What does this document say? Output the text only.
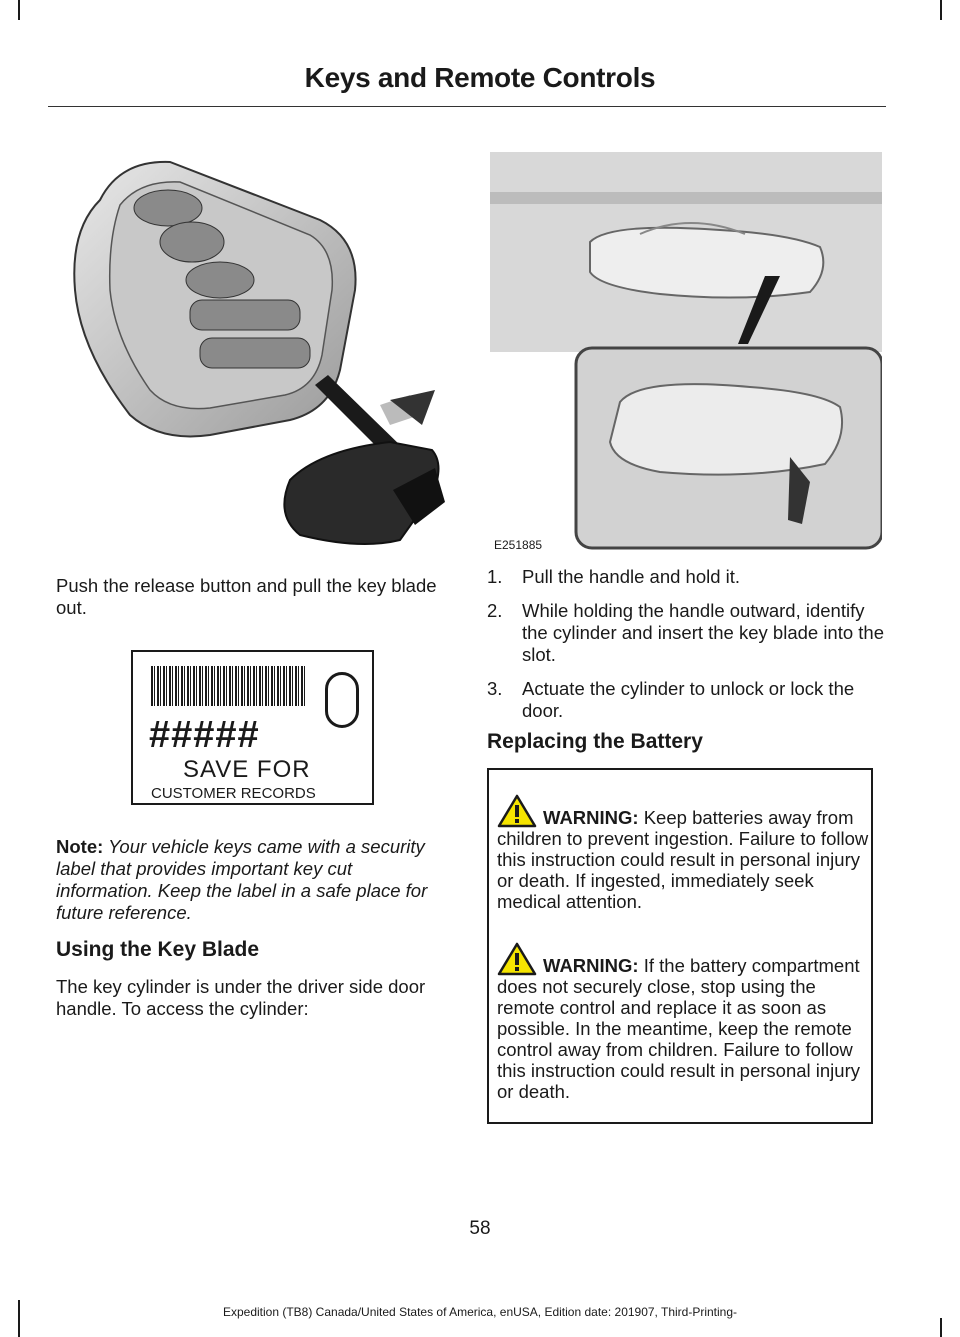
Keys and Remote Controls
E251885
Push the release button and pull the key blade out.
#####
SAVE FOR
CUSTOMER RECORDS
Note: Your vehicle keys came with a security label that provides important key cut information. Keep the label in a safe place for future reference.
Using the Key Blade
The key cylinder is under the driver side door handle. To access the cylinder:
1. Pull the handle and hold it.
2. While holding the handle outward, identify the cylinder and insert the key blade into the slot.
3. Actuate the cylinder to unlock or lock the door.
Replacing the Battery
WARNING: Keep batteries away from children to prevent ingestion. Failure to follow this instruction could result in personal injury or death. If ingested, immediately seek medical attention.
WARNING: If the battery compartment does not securely close, stop using the remote control and replace it as soon as possible. In the meantime, keep the remote control away from children. Failure to follow this instruction could result in personal injury or death.
58
Expedition (TB8) Canada/United States of America, enUSA, Edition date: 201907, Third-Printing-
